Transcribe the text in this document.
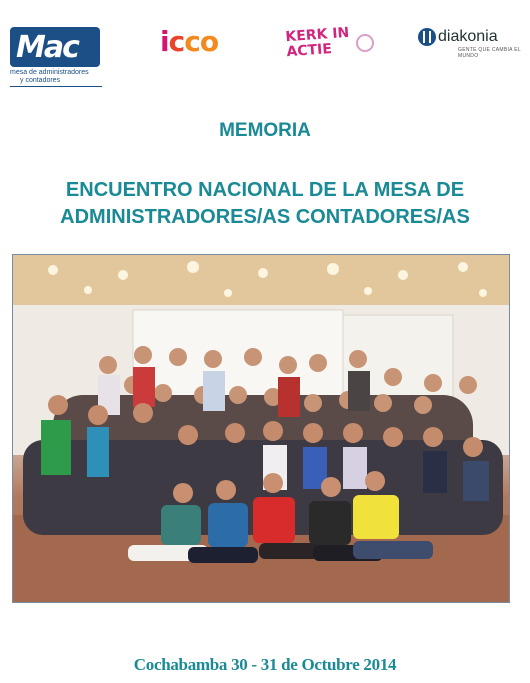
Mac
mesa de administradores
y contadores
icco	KERK IN
ACTIE
diakonia
GENTE QUE CAMBIA EL MUNDO
MEMORIA
ENCUENTRO NACIONAL DE LA MESA DE
ADMINISTRADORES/AS CONTADORES/AS
Cochabamba 30 - 31 de Octubre 2014
